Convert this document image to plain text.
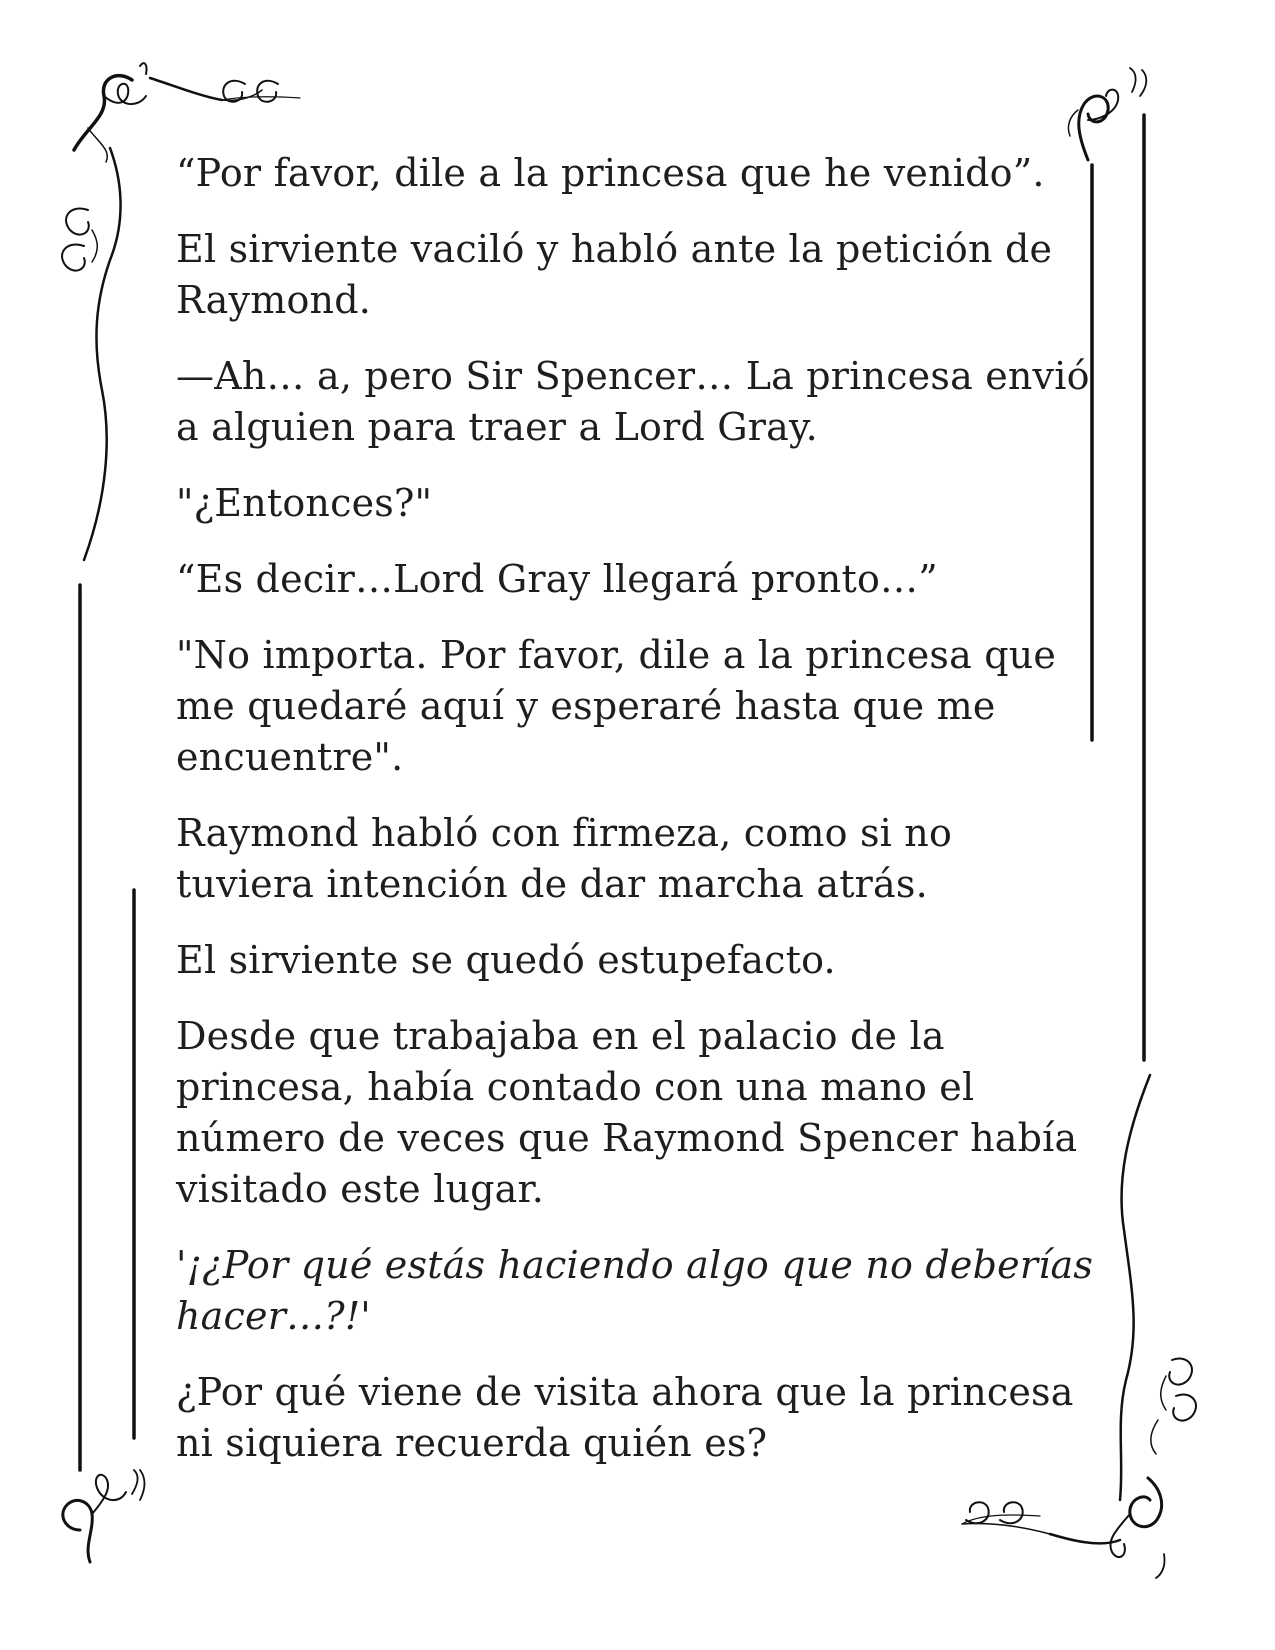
“Por favor, dile a la princesa que he venido”.

El sirviente vaciló y habló ante la petición de Raymond.

—Ah… a, pero Sir Spencer… La princesa envió a alguien para traer a Lord Gray.

"¿Entonces?"

“Es decir…Lord Gray llegará pronto…”

"No importa. Por favor, dile a la princesa que me quedaré aquí y esperaré hasta que me encuentre".

Raymond habló con firmeza, como si no tuviera intención de dar marcha atrás.

El sirviente se quedó estupefacto.

Desde que trabajaba en el palacio de la princesa, había contado con una mano el número de veces que Raymond Spencer había visitado este lugar.

'¡¿Por qué estás haciendo algo que no deberías hacer…?!'

¿Por qué viene de visita ahora que la princesa ni siquiera recuerda quién es?
